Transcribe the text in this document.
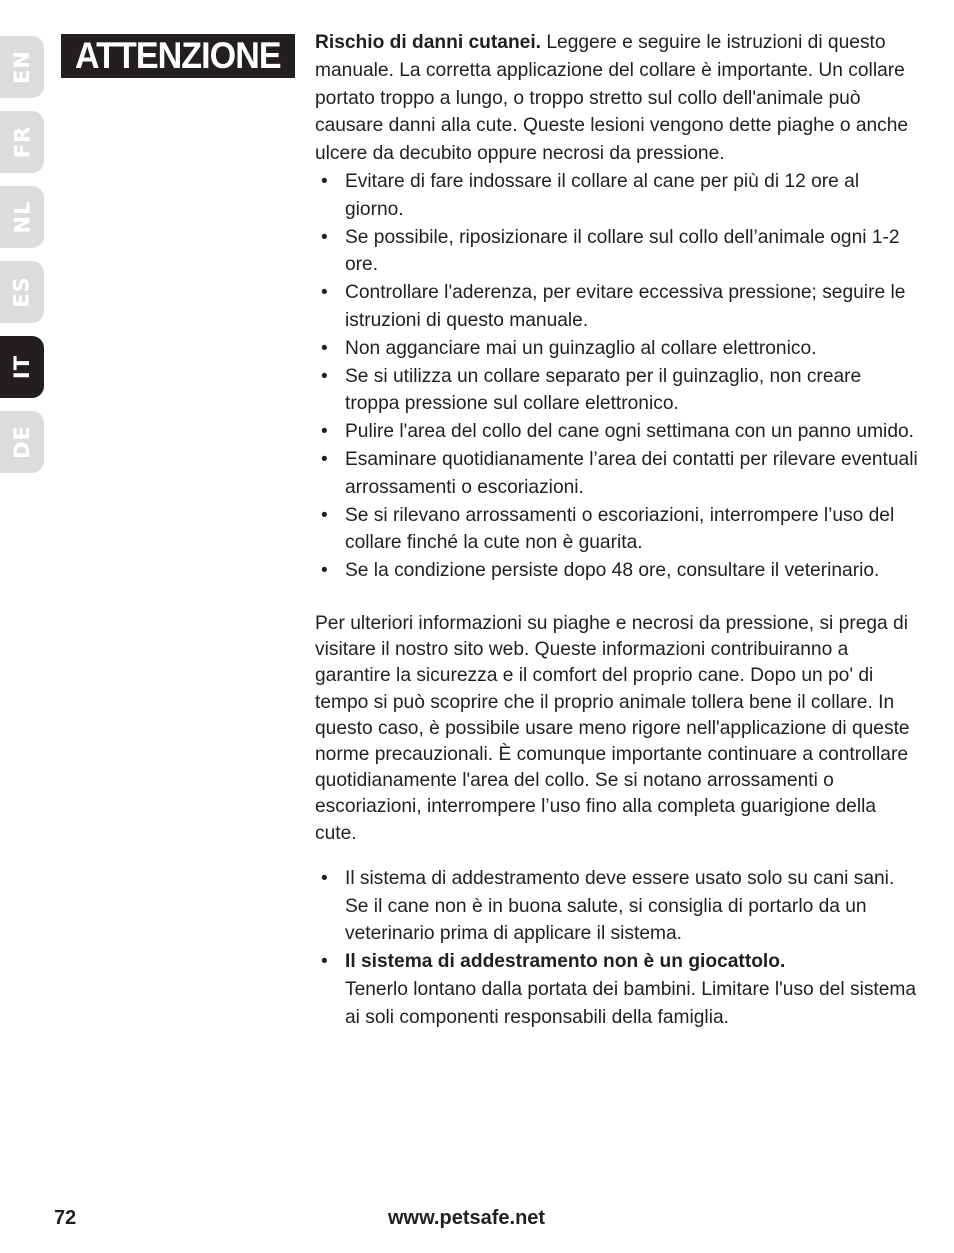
EN
FR
NL
ES
IT
DE
ATTENZIONE Rischio di danni cutanei. Leggere e seguire le istruzioni di questo manuale. La corretta applicazione del collare è importante. Un collare portato troppo a lungo, o troppo stretto sul collo dell'animale può causare danni alla cute. Queste lesioni vengono dette piaghe o anche ulcere da decubito oppure necrosi da pressione.

• Evitare di fare indossare il collare al cane per più di 12 ore al giorno.
• Se possibile, riposizionare il collare sul collo dell’animale ogni 1-2 ore.
• Controllare l'aderenza, per evitare eccessiva pressione; seguire le istruzioni di questo manuale.
• Non agganciare mai un guinzaglio al collare elettronico.
• Se si utilizza un collare separato per il guinzaglio, non creare troppa pressione sul collare elettronico.
• Pulire l'area del collo del cane ogni settimana con un panno umido.
• Esaminare quotidianamente l’area dei contatti per rilevare eventuali arrossamenti o escoriazioni.
• Se si rilevano arrossamenti o escoriazioni, interrompere l’uso del collare finché la cute non è guarita.
• Se la condizione persiste dopo 48 ore, consultare il veterinario.

Per ulteriori informazioni su piaghe e necrosi da pressione, si prega di visitare il nostro sito web. Queste informazioni contribuiranno a garantire la sicurezza e il comfort del proprio cane. Dopo un po' di tempo si può scoprire che il proprio animale tollera bene il collare. In questo caso, è possibile usare meno rigore nell'applicazione di queste norme precauzionali. È comunque importante continuare a controllare quotidianamente l'area del collo. Se si notano arrossamenti o escoriazioni, interrompere l’uso fino alla completa guarigione della cute.

• Il sistema di addestramento deve essere usato solo su cani sani. Se il cane non è in buona salute, si consiglia di portarlo da un veterinario prima di applicare il sistema.
• Il sistema di addestramento non è un giocattolo.
Tenerlo lontano dalla portata dei bambini. Limitare l'uso del sistema ai soli componenti responsabili della famiglia.
72	www.petsafe.net
